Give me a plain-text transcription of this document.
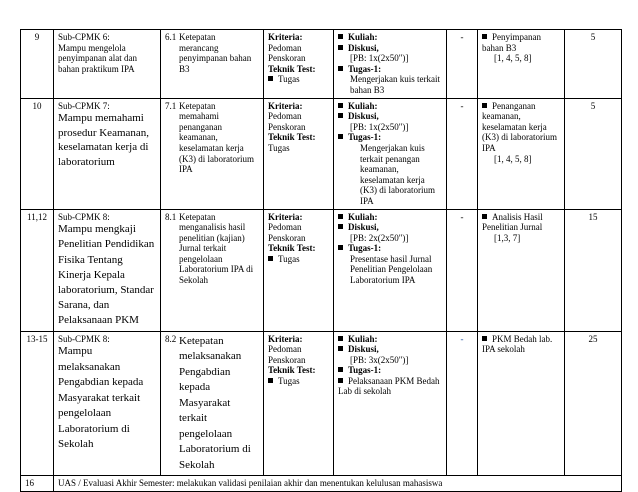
9	Sub-CPMK 6:
Mampu mengelola penyimpanan alat dan bahan praktikum IPA	6.1 Ketepatan merancang penyimpanan bahan B3	Kriteria:
Pedoman
Penskoran
Teknik Test:
Tugas	Kuliah:
Diskusi,

[PB: 1x(2x50")]
Tugas-1:

Mengerjakan kuis terkait bahan B3	-	Penyimpanan bahan B3

[1, 4, 5, 8]	5
10	Sub-CPMK 7:
Mampu memahami prosedur Keamanan, keselamatan kerja di laboratorium	7.1 Ketepatan memahami penanganan keamanan, keselamatan kerja (K3) di laboratorium IPA	Kriteria:
Pedoman
Penskoran
Teknik Test:
Tugas	Kuliah:
Diskusi,

[PB: 1x(2x50")]
Tugas-1:

Mengerjakan kuis terkait penangan keamanan, keselamatan kerja (K3) di laboratorium IPA	-	Penanganan keamanan, keselamatan kerja (K3) di laboratorium IPA

[1, 4, 5, 8]	5
11,12	Sub-CPMK 8:
Mampu mengkaji Penelitian Pendidikan Fisika Tentang Kinerja Kepala laboratorium, Standar Sarana, dan Pelaksanaan PKM	8.1 Ketepatan menganalisis hasil penelitian (kajian) Jurnal terkait pengelolaan Laboratorium IPA di Sekolah	Kriteria:
Pedoman
Penskoran
Teknik Test:
Tugas	Kuliah:
Diskusi,

[PB: 2x(2x50")]
Tugas-1:

Presentase hasil Jurnal Penelitian Pengelolaan Laboratorium IPA	-	Analisis Hasil Penelitian Jurnal

[1,3, 7]	15
13-15	Sub-CPMK 8:
Mampu melaksanakan Pengabdian kepada Masyarakat terkait pengelolaan Laboratorium di Sekolah	8.2 Ketepatan melaksanakan Pengabdian kepada Masyarakat terkait pengelolaan Laboratorium di Sekolah	Kriteria:
Pedoman
Penskoran
Teknik Test:
Tugas	Kuliah:
Diskusi,

[PB: 3x(2x50")]
Tugas-1:
Pelaksanaan PKM Bedah Lab di sekolah	-	PKM Bedah lab. IPA sekolah	25
16	UAS / Evaluasi Akhir Semester: melakukan validasi penilaian akhir dan menentukan kelulusan mahasiswa						
